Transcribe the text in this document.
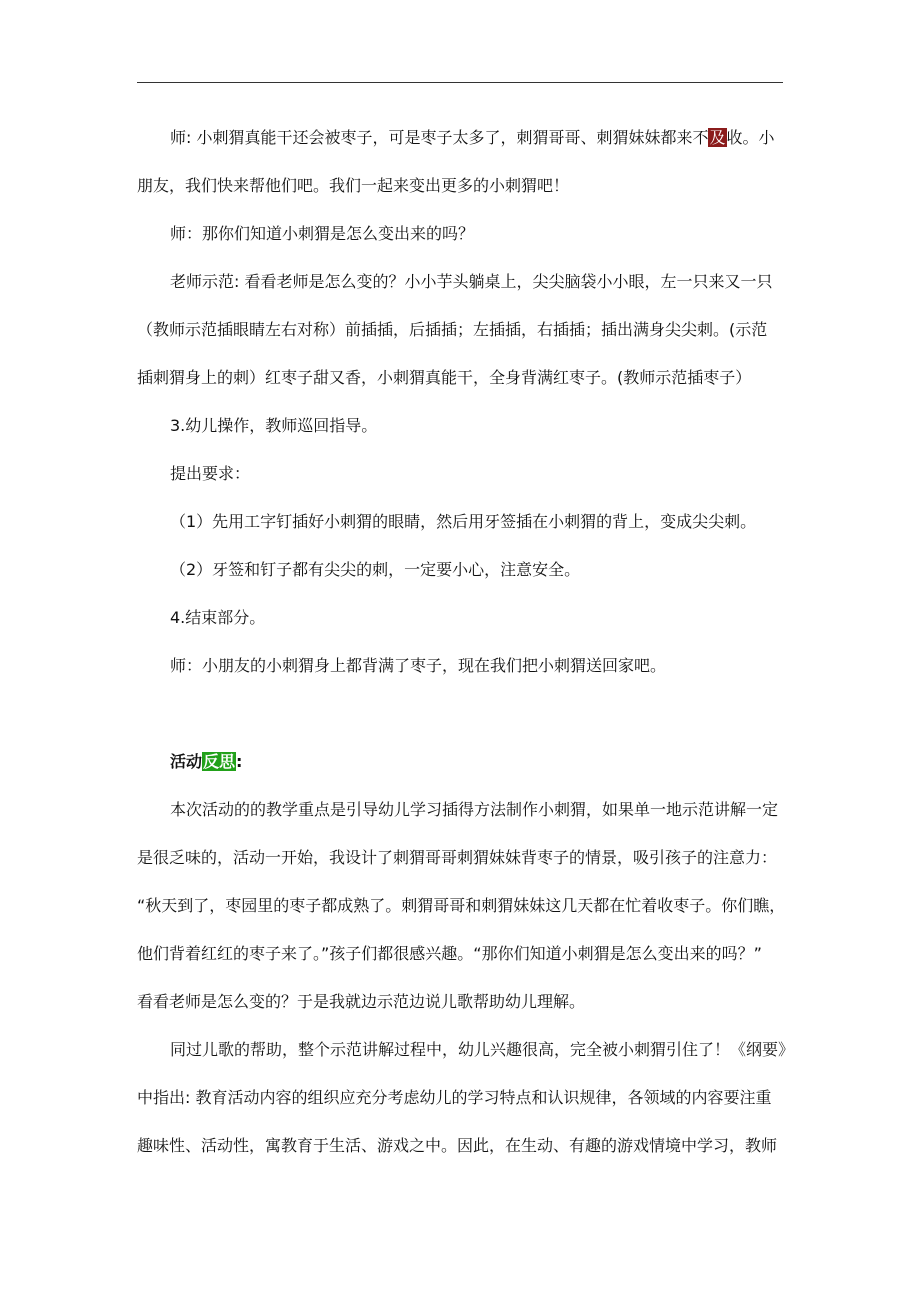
师: 小刺猬真能干还会被枣子，可是枣子太多了，刺猬哥哥、刺猬妹妹都来不及收。小
朋友，我们快来帮他们吧。我们一起来变出更多的小刺猬吧！
师：那你们知道小刺猬是怎么变出来的吗？
老师示范: 看看老师是怎么变的？小小芋头躺桌上，尖尖脑袋小小眼，左一只来又一只
（教师示范插眼睛左右对称）前插插，后插插；左插插，右插插；插出满身尖尖刺。(示范
插刺猬身上的刺）红枣子甜又香，小刺猬真能干，全身背满红枣子。(教师示范插枣子）
3.幼儿操作，教师巡回指导。
提出要求：
（1）先用工字钉插好小刺猬的眼睛，然后用牙签插在小刺猬的背上，变成尖尖刺。
（2）牙签和钉子都有尖尖的刺，一定要小心，注意安全。
4.结束部分。
师：小朋友的小刺猬身上都背满了枣子，现在我们把小刺猬送回家吧。
活动反思:
本次活动的的教学重点是引导幼儿学习插得方法制作小刺猬，如果单一地示范讲解一定
是很乏味的，活动一开始，我设计了刺猬哥哥刺猬妹妹背枣子的情景，吸引孩子的注意力：
“秋天到了，枣园里的枣子都成熟了。刺猬哥哥和刺猬妹妹这几天都在忙着收枣子。你们瞧，
他们背着红红的枣子来了。”孩子们都很感兴趣。“那你们知道小刺猬是怎么变出来的吗？”
看看老师是怎么变的？于是我就边示范边说儿歌帮助幼儿理解。
同过儿歌的帮助，整个示范讲解过程中，幼儿兴趣很高，完全被小刺猬引住了！《纲要》
中指出: 教育活动内容的组织应充分考虑幼儿的学习特点和认识规律，各领域的内容要注重
趣味性、活动性，寓教育于生活、游戏之中。因此，在生动、有趣的游戏情境中学习，教师
